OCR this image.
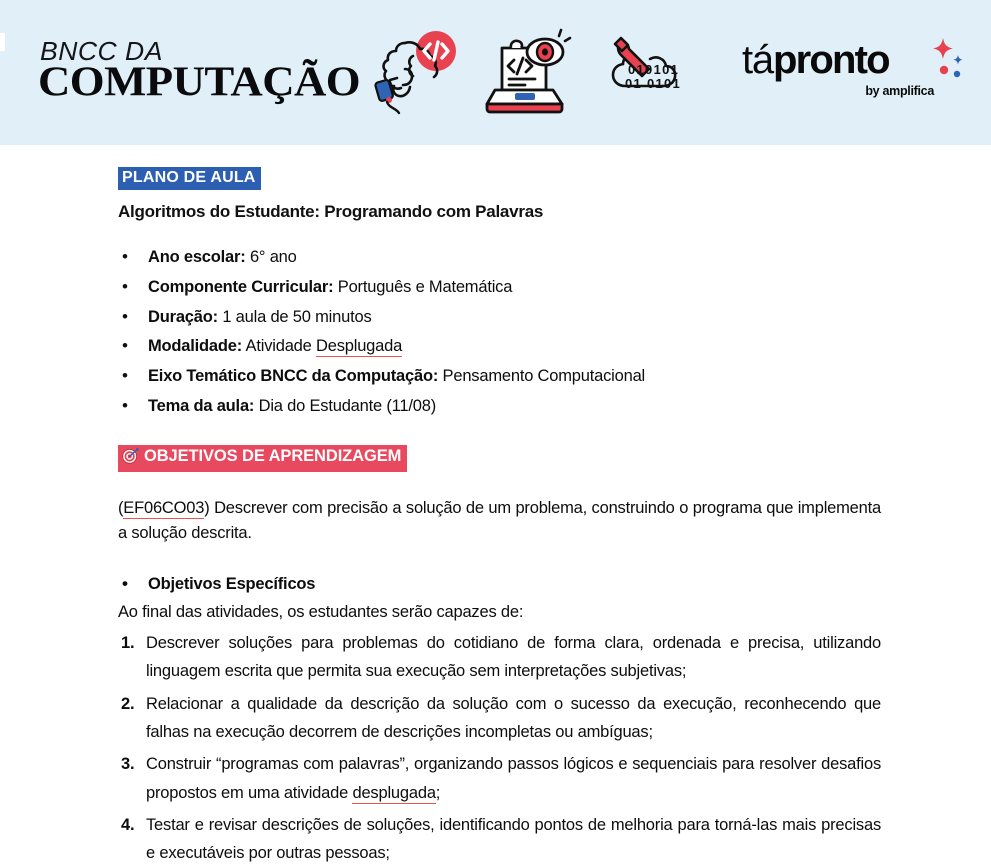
BNCC DA
COMPUTAÇÃO	010101
01 0101
tápronto
by amplifica
PLANO DE AULA
Algoritmos do Estudante: Programando com Palavras
• Ano escolar: 6° ano
• Componente Curricular: Português e Matemática
• Duração: 1 aula de 50 minutos
• Modalidade: Atividade Desplugada
• Eixo Temático BNCC da Computação: Pensamento Computacional
• Tema da aula: Dia do Estudante (11/08)
OBJETIVOS DE APRENDIZAGEM

(EF06CO03) Descrever com precisão a solução de um problema, construindo o programa que implementa a solução descrita.

• Objetivos Específicos

Ao final das atividades, os estudantes serão capazes de:

Descrever soluções para problemas do cotidiano de forma clara, ordenada e precisa, utilizando linguagem escrita que permita sua execução sem interpretações subjetivas;
Relacionar a qualidade da descrição da solução com o sucesso da execução, reconhecendo que falhas na execução decorrem de descrições incompletas ou ambíguas;
Construir “programas com palavras”, organizando passos lógicos e sequenciais para resolver desafios propostos em uma atividade desplugada;
Testar e revisar descrições de soluções, identificando pontos de melhoria para torná-las mais precisas e executáveis por outras pessoas;
